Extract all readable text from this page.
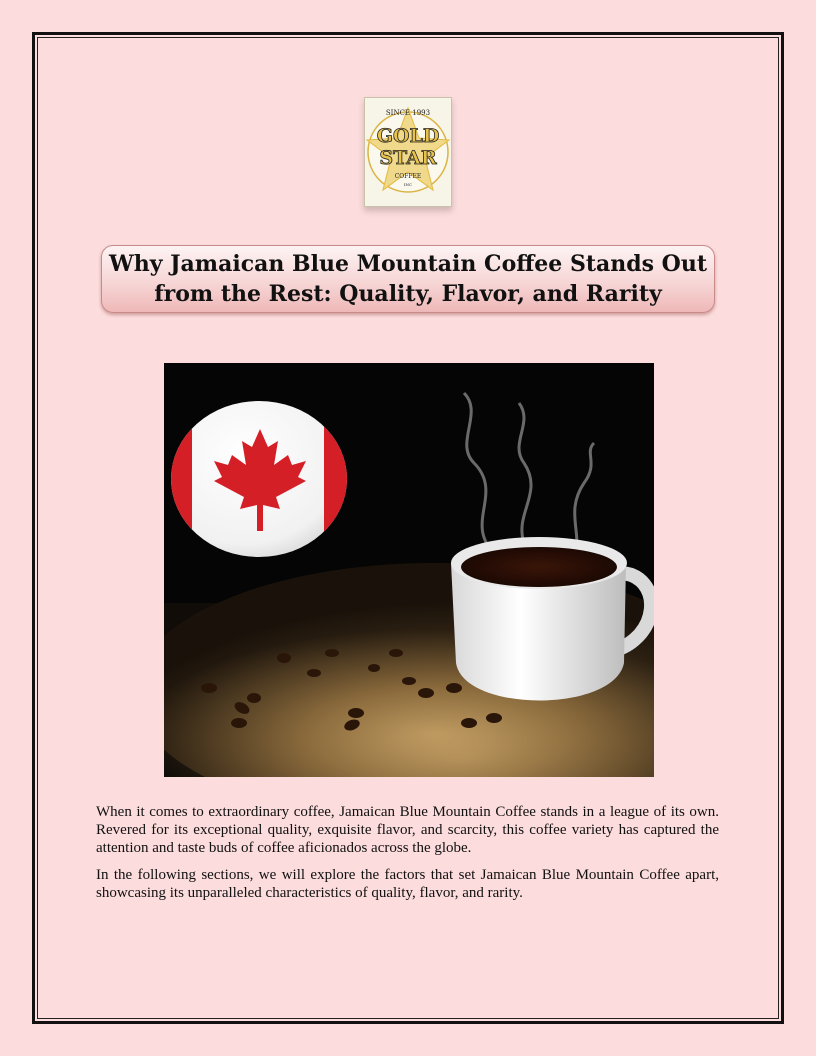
SINCE 1993
GOLD
STAR
COFFEE
INC
Why Jamaican Blue Mountain Coffee Stands Out
from the Rest: Quality, Flavor, and Rarity

When it comes to extraordinary coffee, Jamaican Blue Mountain Coffee stands in a league of its own. Revered for its exceptional quality, exquisite flavor, and scarcity, this coffee variety has captured the attention and taste buds of coffee aficionados across the globe.

In the following sections, we will explore the factors that set Jamaican Blue Mountain Coffee apart, showcasing its unparalleled characteristics of quality, flavor, and rarity.
